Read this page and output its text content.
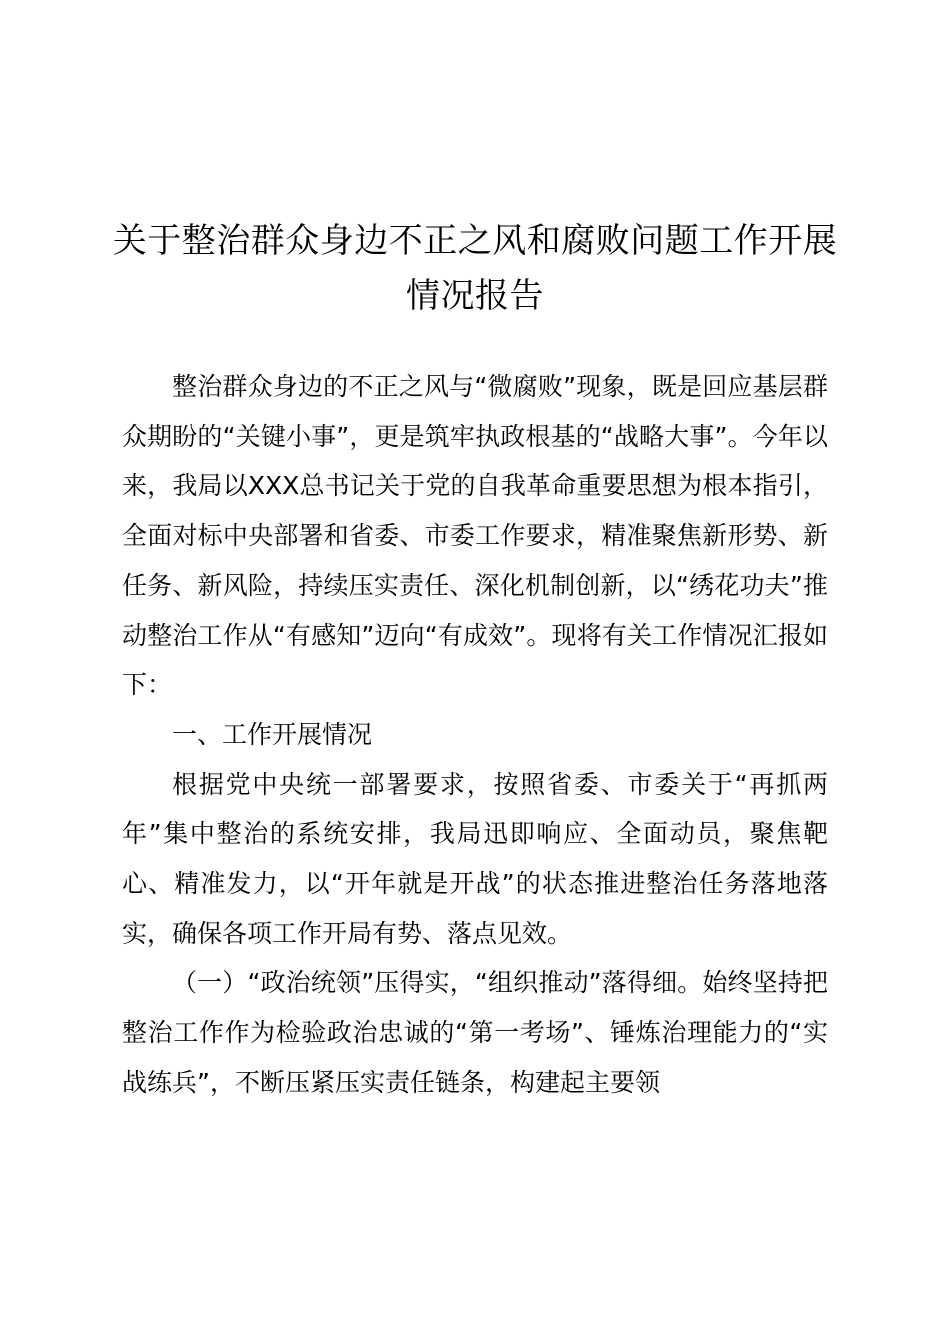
关于整治群众身边不正之风和腐败问题工作开展情况报告

整治群众身边的不正之风与“微腐败”现象，既是回应基层群众期盼的“关键小事”，更是筑牢执政根基的“战略大事”。今年以来，我局以XXX总书记关于党的自我革命重要思想为根本指引，全面对标中央部署和省委、市委工作要求，精准聚焦新形势、新任务、新风险，持续压实责任、深化机制创新，以“绣花功夫”推动整治工作从“有感知”迈向“有成效”。现将有关工作情况汇报如下：

一、工作开展情况

根据党中央统一部署要求，按照省委、市委关于“再抓两年”集中整治的系统安排，我局迅即响应、全面动员，聚焦靶心、精准发力，以“开年就是开战”的状态推进整治任务落地落实，确保各项工作开局有势、落点见效。

（一）“政治统领”压得实，“组织推动”落得细。始终坚持把整治工作作为检验政治忠诚的“第一考场”、锤炼治理能力的“实战练兵”，不断压紧压实责任链条，构建起主要领
